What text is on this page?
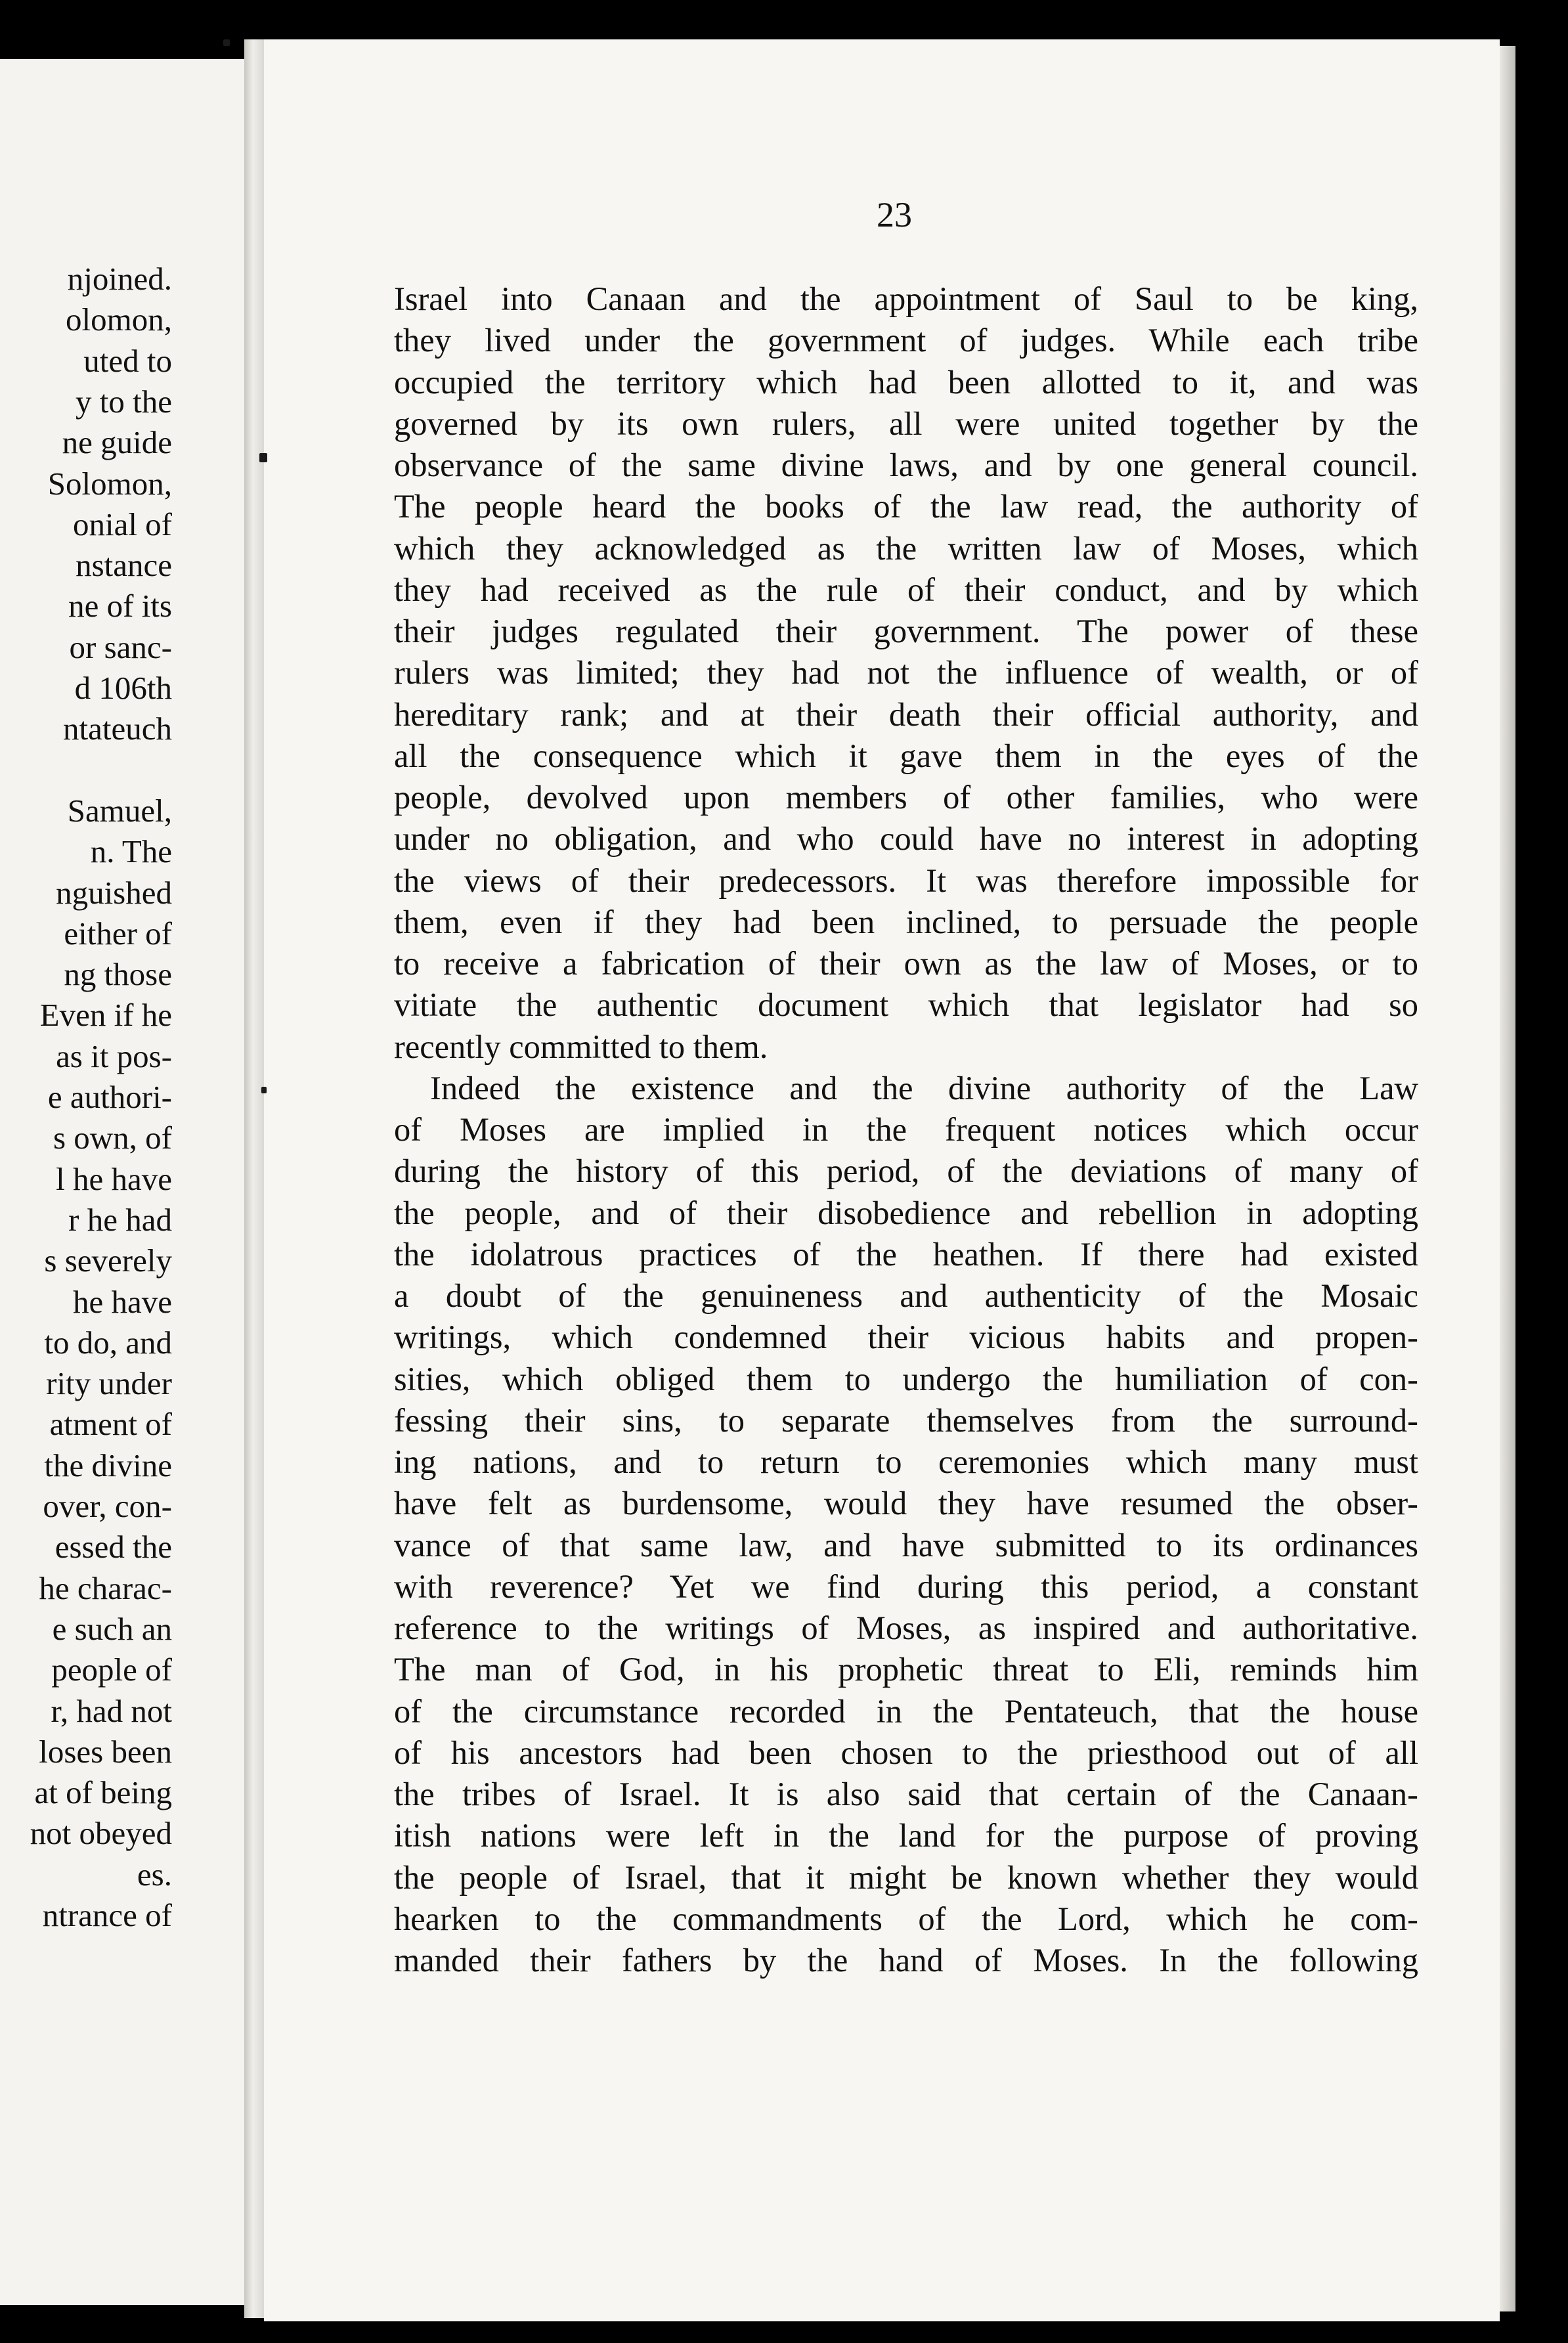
njoined.
olomon,
uted to
y to the
ne guide
Solomon,
onial of
nstance
ne of its
or sanc-
d 106th
ntateuch
Samuel,
n. The
nguished
either of
ng those
Even if he
as it pos-
e authori-
s own, of
l he have
r he had
s severely
he have
to do, and
rity under
atment of
the divine
over, con-
essed the
he charac-
e such an
people of
r, had not
loses been
at of being
not obeyed
es.
ntrance of
23
Israel into Canaan and the appointment of Saul to be king,
they lived under the government of judges. While each tribe
occupied the territory which had been allotted to it, and was
governed by its own rulers, all were united together by the
observance of the same divine laws, and by one general council.
The people heard the books of the law read, the authority of
which they acknowledged as the written law of Moses, which
they had received as the rule of their conduct, and by which
their judges regulated their government. The power of these
rulers was limited; they had not the influence of wealth, or of
hereditary rank; and at their death their official authority, and
all the consequence which it gave them in the eyes of the
people, devolved upon members of other families, who were
under no obligation, and who could have no interest in adopting
the views of their predecessors. It was therefore impossible for
them, even if they had been inclined, to persuade the people
to receive a fabrication of their own as the law of Moses, or to
vitiate the authentic document which that legislator had so
recently committed to them.
Indeed the existence and the divine authority of the Law
of Moses are implied in the frequent notices which occur
during the history of this period, of the deviations of many of
the people, and of their disobedience and rebellion in adopting
the idolatrous practices of the heathen. If there had existed
a doubt of the genuineness and authenticity of the Mosaic
writings, which condemned their vicious habits and propen-
sities, which obliged them to undergo the humiliation of con-
fessing their sins, to separate themselves from the surround-
ing nations, and to return to ceremonies which many must
have felt as burdensome, would they have resumed the obser-
vance of that same law, and have submitted to its ordinances
with reverence? Yet we find during this period, a constant
reference to the writings of Moses, as inspired and authoritative.
The man of God, in his prophetic threat to Eli, reminds him
of the circumstance recorded in the Pentateuch, that the house
of his ancestors had been chosen to the priesthood out of all
the tribes of Israel. It is also said that certain of the Canaan-
itish nations were left in the land for the purpose of proving
the people of Israel, that it might be known whether they would
hearken to the commandments of the Lord, which he com-
manded their fathers by the hand of Moses. In the following
